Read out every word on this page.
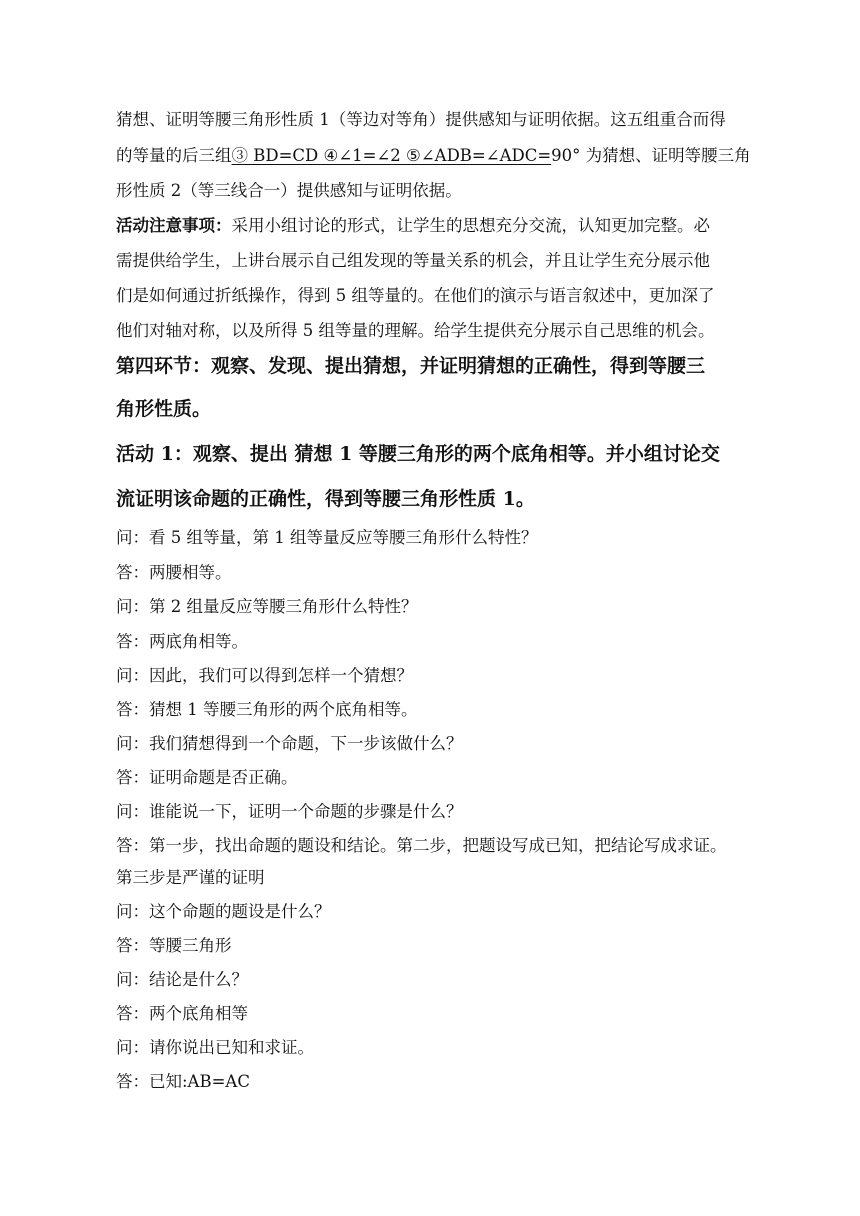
猜想、证明等腰三角形性质 1（等边对等角）提供感知与证明依据。这五组重合而得
的等量的后三组③ BD=CD ④∠1=∠2 ⑤∠ADB=∠ADC=90° 为猜想、证明等腰三角
形性质 2（等三线合一）提供感知与证明依据。
活动注意事项：采用小组讨论的形式，让学生的思想充分交流，认知更加完整。必
需提供给学生，上讲台展示自己组发现的等量关系的机会，并且让学生充分展示他
们是如何通过折纸操作，得到 5 组等量的。在他们的演示与语言叙述中，更加深了
他们对轴对称，以及所得 5 组等量的理解。给学生提供充分展示自己思维的机会。
第四环节：观察、发现、提出猜想，并证明猜想的正确性，得到等腰三
角形性质。
活动 1：观察、提出 猜想 1 等腰三角形的两个底角相等。并小组讨论交
流证明该命题的正确性，得到等腰三角形性质 1。
问：看 5 组等量，第 1 组等量反应等腰三角形什么特性？
答：两腰相等。
问：第 2 组量反应等腰三角形什么特性？
答：两底角相等。
问：因此，我们可以得到怎样一个猜想？
答：猜想 1 等腰三角形的两个底角相等。
问：我们猜想得到一个命题，下一步该做什么？
答：证明命题是否正确。
问：谁能说一下，证明一个命题的步骤是什么？
答：第一步，找出命题的题设和结论。第二步，把题设写成已知，把结论写成求证。
第三步是严谨的证明
问：这个命题的题设是什么？
答：等腰三角形
问：结论是什么？
答：两个底角相等
问：请你说出已知和求证。
答：已知:AB=AC
